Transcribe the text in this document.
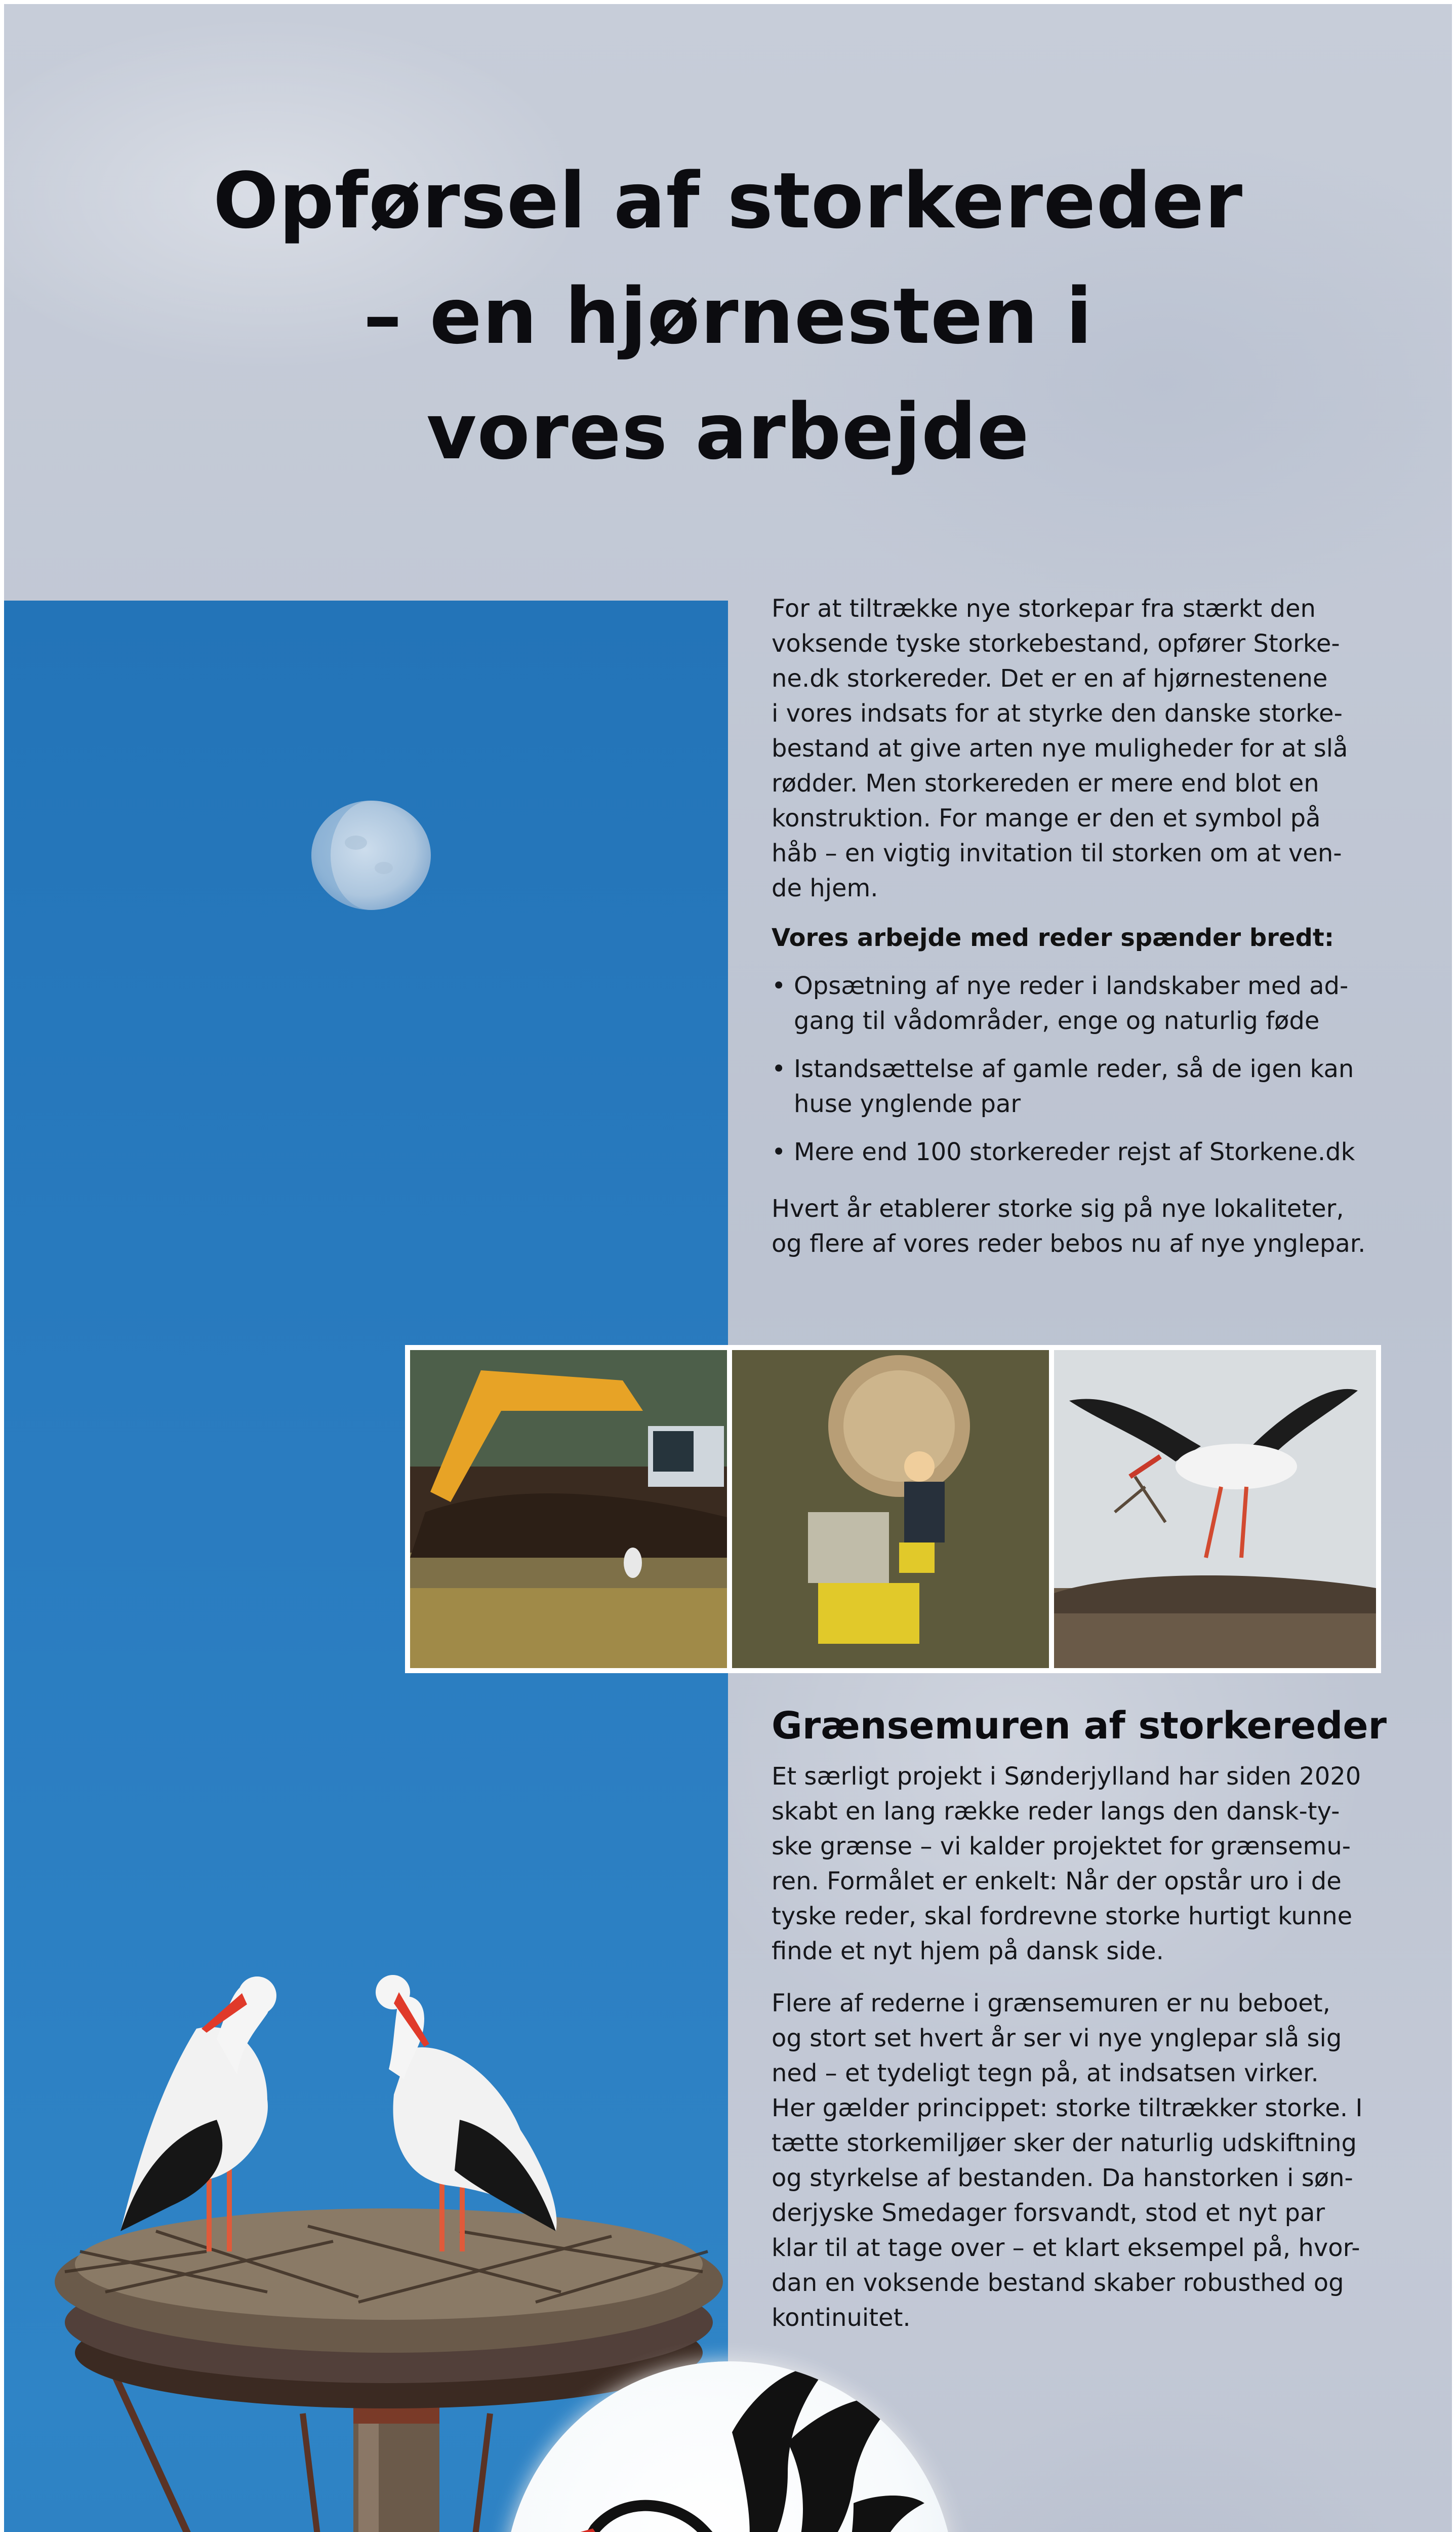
Opførsel af storkereder
– en hjørnesten i
vores arbejde
For at tiltrække nye storkepar fra stærkt den
voksende tyske storkebestand, opfører Storke-
ne.dk storkereder. Det er en af hjørnestenene
i vores indsats for at styrke den danske storke-
bestand at give arten nye muligheder for at slå
rødder. Men storkereden er mere end blot en
konstruktion. For mange er den et symbol på
håb – en vigtig invitation til storken om at ven-
de hjem.
Vores arbejde med reder spænder bredt:
• Opsætning af nye reder i landskaber med ad-
gang til vådområder, enge og naturlig føde
• Istandsættelse af gamle reder, så de igen kan
huse ynglende par
• Mere end 100 storkereder rejst af Storkene.dk
Hvert år etablerer storke sig på nye lokaliteter,
og flere af vores reder bebos nu af nye ynglepar.
Grænsemuren af storkereder
Et særligt projekt i Sønderjylland har siden 2020
skabt en lang række reder langs den dansk-ty-
ske grænse – vi kalder projektet for grænsemu-
ren. Formålet er enkelt: Når der opstår uro i de
tyske reder, skal fordrevne storke hurtigt kunne
finde et nyt hjem på dansk side.
Flere af rederne i grænsemuren er nu beboet,
og stort set hvert år ser vi nye ynglepar slå sig
ned – et tydeligt tegn på, at indsatsen virker.
Her gælder princippet: storke tiltrækker storke. I
tætte storkemiljøer sker der naturlig udskiftning
og styrkelse af bestanden. Da hanstorken i søn-
derjyske Smedager forsvandt, stod et nyt par
klar til at tage over – et klart eksempel på, hvor-
dan en voksende bestand skaber robusthed og
kontinuitet.
